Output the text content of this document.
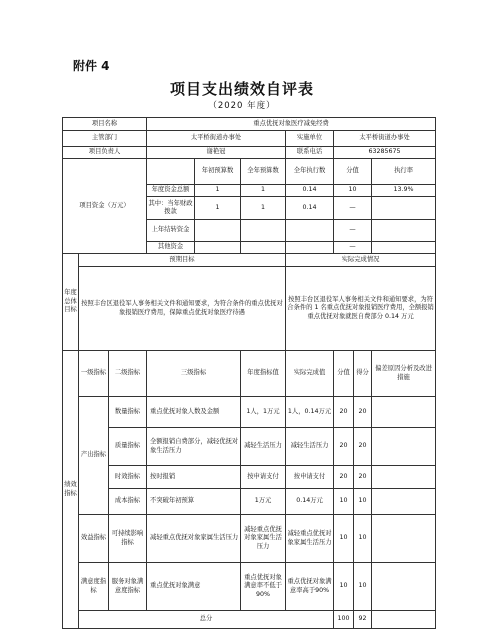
附件 4
项目支出绩效自评表
（2020 年度）
项目名称			重点优抚对象医疗减免经费							
主管部门			太平桥街道办事处			实施单位	太平桥街道办事处			
项目负责人			谢艳冠			联系电话	63285675			
项目资金（万元）				年初预算数	全年预算数	全年执行数	分值		执行率	
			年度资金总额	1	1	0.14	10		13.9%	
			其中：当年财政拨款	1	1	0.14	—		
			上年结转资金				—		
			其他资金				—		
年度总体目标	预期目标					实际完成情况				
	按照丰台区退役军人事务相关文件和通知要求，为符合条件的重点优抚对象报销医疗费用，保障重点优抚对象医疗待遇					按照丰台区退役军人事务相关文件和通知要求，为符合条件的 1 名重点优抚对象报销医疗费用，全额报销重点优抚对象就医自费部分 0.14 万元				
绩效指标	一级指标	二级指标	三级指标		年度指标值	实际完成值	分值	得分	偏差原因分析及改进措施	
	产出指标	数量指标	重点优抚对象人数及金额		1人，1万元	1人，0.14万元	20	20		
		质量指标	全额报销自费部分，减轻优抚对象生活压力		减轻生活压力	减轻生活压力	20	20		
		时效指标	按时报销		按申请支付	按申请支付	20	20		
		成本指标	不突破年初预算		1万元	0.14万元	10	10		
	效益指标	可持续影响指标	减轻重点优抚对象家属生活压力		减轻重点优抚对象家属生活压力	减轻重点优抚对象家属生活压力	10	10		
	满意度指标	服务对象满意度指标	重点优抚对象满意		重点优抚对象满意率不低于90%	重点优抚对象满意率高于90%	10	10		
	总分						100	92		
